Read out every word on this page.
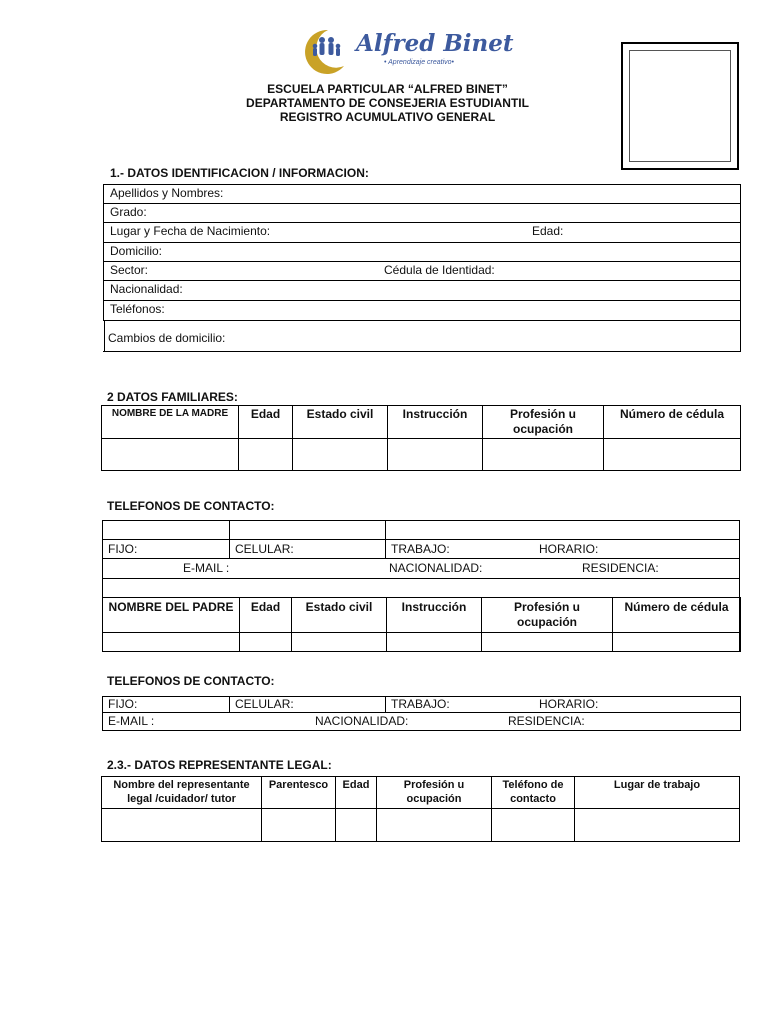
Alfred Binet
• Aprendizaje creativo•
ESCUELA PARTICULAR “ALFRED BINET”
DEPARTAMENTO DE CONSEJERIA ESTUDIANTIL
REGISTRO ACUMULATIVO GENERAL
1.- DATOS IDENTIFICACION / INFORMACION:
Apellidos y Nombres:
Grado:
Lugar y Fecha de Nacimiento:	Edad:
Domicilio:
Sector:	Cédula de Identidad:
Nacionalidad:
Teléfonos:
Cambios de domicilio:
2 DATOS FAMILIARES:
NOMBRE DE LA MADRE	Edad	Estado civil	Instrucción	Profesión u ocupación	Número de cédula

TELEFONOS DE CONTACTO:
FIJO:	CELULAR:	TRABAJO:	HORARIO:
E-MAIL :	NACIONALIDAD:	RESIDENCIA:
NOMBRE DEL PADRE	Edad	Estado civil	Instrucción	Profesión u ocupación	Número de cédula

TELEFONOS DE CONTACTO:
FIJO:	CELULAR:	TRABAJO:	HORARIO:
E-MAIL :	NACIONALIDAD:	RESIDENCIA:
2.3.- DATOS REPRESENTANTE LEGAL:
Nombre del representante legal /cuidador/ tutor	Parentesco	Edad	Profesión u ocupación	Teléfono de contacto	Lugar de trabajo
